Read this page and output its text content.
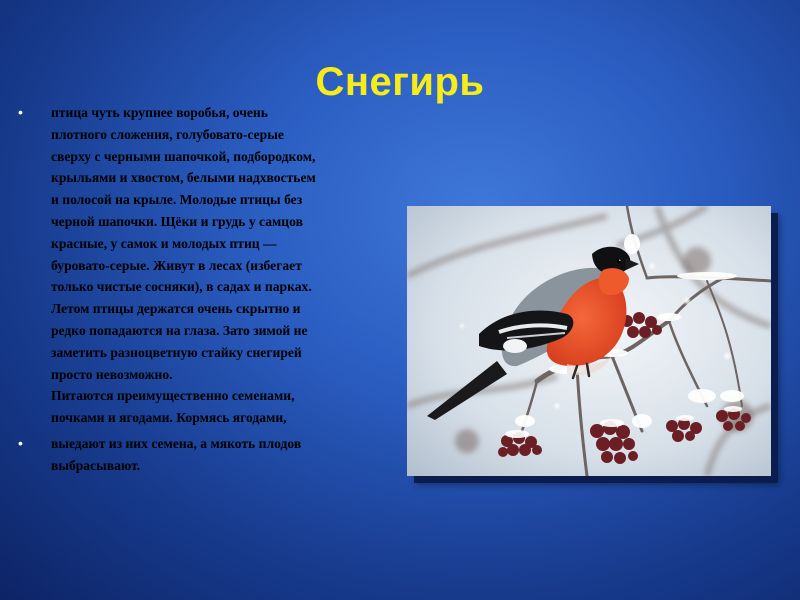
Снегирь
• птица чуть крупнее воробья, очень
плотного сложения, голубовато-серые
сверху с черными шапочкой, подбородком,
крыльями и хвостом, белыми надхвостьем
и полосой на крыле. Молодые птицы без
черной шапочки. Щёки и грудь у самцов
красные, у самок и молодых птиц —
буровато-серые. Живут в лесах (избегает
только чистые сосняки), в садах и парках.
Летом птицы держатся очень скрытно и
редко попадаются на глаза. Зато зимой не
заметить разноцветную стайку снегирей
просто невозможно.
Питаются преимущественно семенами,
почками и ягодами. Кормясь ягодами,
• выедают из них семена, а мякоть плодов
выбрасывают.
